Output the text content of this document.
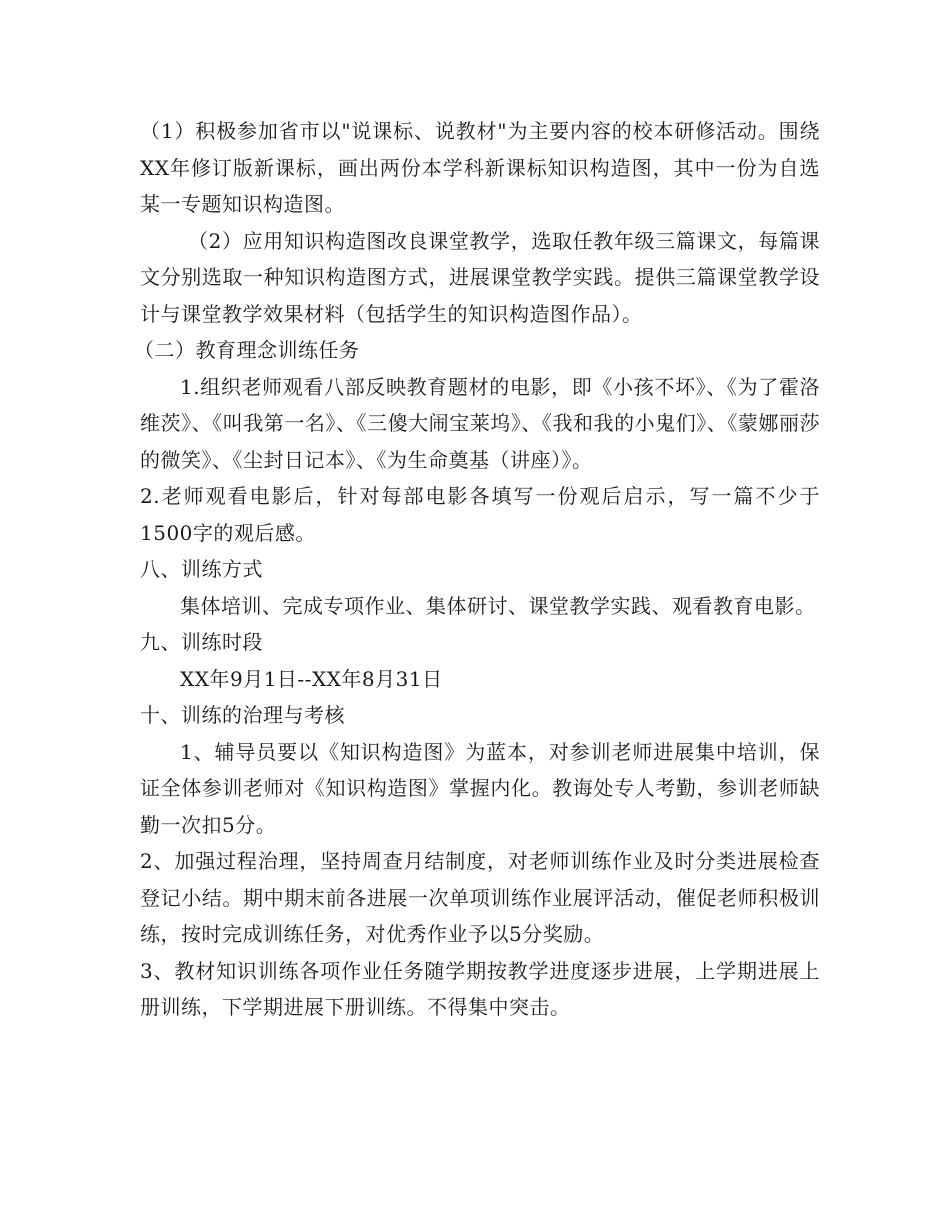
（1）积极参加省市以"说课标、说教材"为主要内容的校本研修活动。围绕XX年修订版新课标，画出两份本学科新课标知识构造图，其中一份为自选某一专题知识构造图。

（2）应用知识构造图改良课堂教学，选取任教年级三篇课文，每篇课文分别选取一种知识构造图方式，进展课堂教学实践。提供三篇课堂教学设计与课堂教学效果材料（包括学生的知识构造图作品）。

（二）教育理念训练任务

1.组织老师观看八部反映教育题材的电影，即《小孩不坏》、《为了霍洛维茨》、《叫我第一名》、《三傻大闹宝莱坞》、《我和我的小鬼们》、《蒙娜丽莎的微笑》、《尘封日记本》、《为生命奠基（讲座）》。

2.老师观看电影后，针对每部电影各填写一份观后启示，写一篇不少于1500字的观后感。

八、训练方式

集体培训、完成专项作业、集体研讨、课堂教学实践、观看教育电影。

九、训练时段

XX年9月1日--XX年8月31日

十、训练的治理与考核

1、辅导员要以《知识构造图》为蓝本，对参训老师进展集中培训，保证全体参训老师对《知识构造图》掌握内化。教诲处专人考勤，参训老师缺勤一次扣5分。

2、加强过程治理，坚持周查月结制度，对老师训练作业及时分类进展检查登记小结。期中期末前各进展一次单项训练作业展评活动，催促老师积极训练，按时完成训练任务，对优秀作业予以5分奖励。

3、教材知识训练各项作业任务随学期按教学进度逐步进展，上学期进展上册训练，下学期进展下册训练。不得集中突击。
